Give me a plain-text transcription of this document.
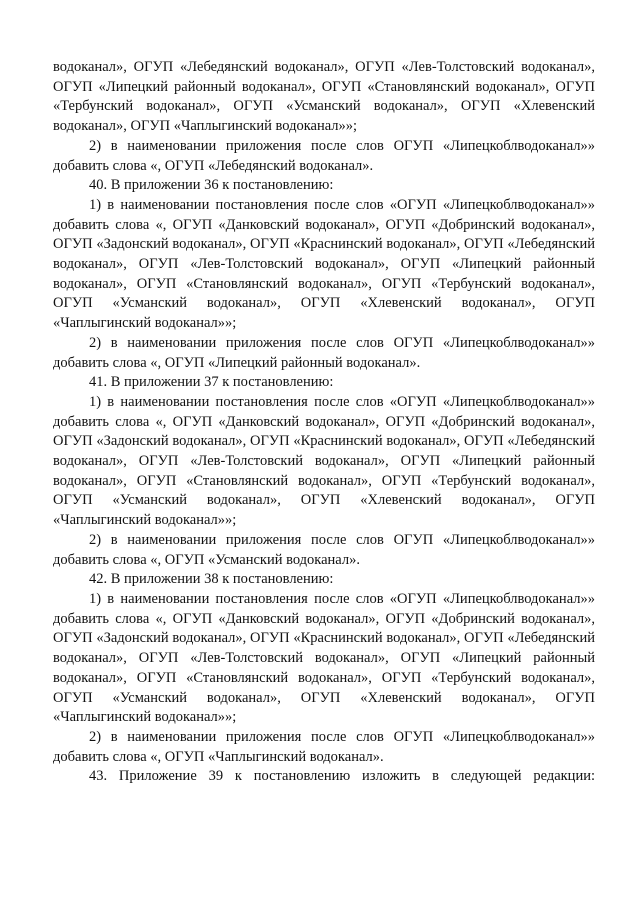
водоканал», ОГУП «Лебедянский водоканал», ОГУП «Лев-Толстовский водоканал», ОГУП «Липецкий районный водоканал», ОГУП «Становлянский водоканал», ОГУП «Тербунский водоканал», ОГУП «Усманский водоканал», ОГУП «Хлевенский водоканал», ОГУП «Чаплыгинский водоканал»»;

2) в наименовании приложения после слов ОГУП «Липецкоблводоканал»» добавить слова «, ОГУП «Лебедянский водоканал».

40. В приложении 36 к постановлению:

1) в наименовании постановления после слов «ОГУП «Липецкоблводоканал»» добавить слова «, ОГУП «Данковский водоканал», ОГУП «Добринский водоканал», ОГУП «Задонский водоканал», ОГУП «Краснинский водоканал», ОГУП «Лебедянский водоканал», ОГУП «Лев-Толстовский водоканал», ОГУП «Липецкий районный водоканал», ОГУП «Становлянский водоканал», ОГУП «Тербунский водоканал», ОГУП «Усманский водоканал», ОГУП «Хлевенский водоканал», ОГУП «Чаплыгинский водоканал»»;

2) в наименовании приложения после слов ОГУП «Липецкоблводоканал»» добавить слова «, ОГУП «Липецкий районный водоканал».

41. В приложении 37 к постановлению:

1) в наименовании постановления после слов «ОГУП «Липецкоблводоканал»» добавить слова «, ОГУП «Данковский водоканал», ОГУП «Добринский водоканал», ОГУП «Задонский водоканал», ОГУП «Краснинский водоканал», ОГУП «Лебедянский водоканал», ОГУП «Лев-Толстовский водоканал», ОГУП «Липецкий районный водоканал», ОГУП «Становлянский водоканал», ОГУП «Тербунский водоканал», ОГУП «Усманский водоканал», ОГУП «Хлевенский водоканал», ОГУП «Чаплыгинский водоканал»»;

2) в наименовании приложения после слов ОГУП «Липецкоблводоканал»» добавить слова «, ОГУП «Усманский водоканал».

42. В приложении 38 к постановлению:

1) в наименовании постановления после слов «ОГУП «Липецкоблводоканал»» добавить слова «, ОГУП «Данковский водоканал», ОГУП «Добринский водоканал», ОГУП «Задонский водоканал», ОГУП «Краснинский водоканал», ОГУП «Лебедянский водоканал», ОГУП «Лев-Толстовский водоканал», ОГУП «Липецкий районный водоканал», ОГУП «Становлянский водоканал», ОГУП «Тербунский водоканал», ОГУП «Усманский водоканал», ОГУП «Хлевенский водоканал», ОГУП «Чаплыгинский водоканал»»;

2) в наименовании приложения после слов ОГУП «Липецкоблводоканал»» добавить слова «, ОГУП «Чаплыгинский водоканал».

43. Приложение 39 к постановлению изложить в следующей редакции:
